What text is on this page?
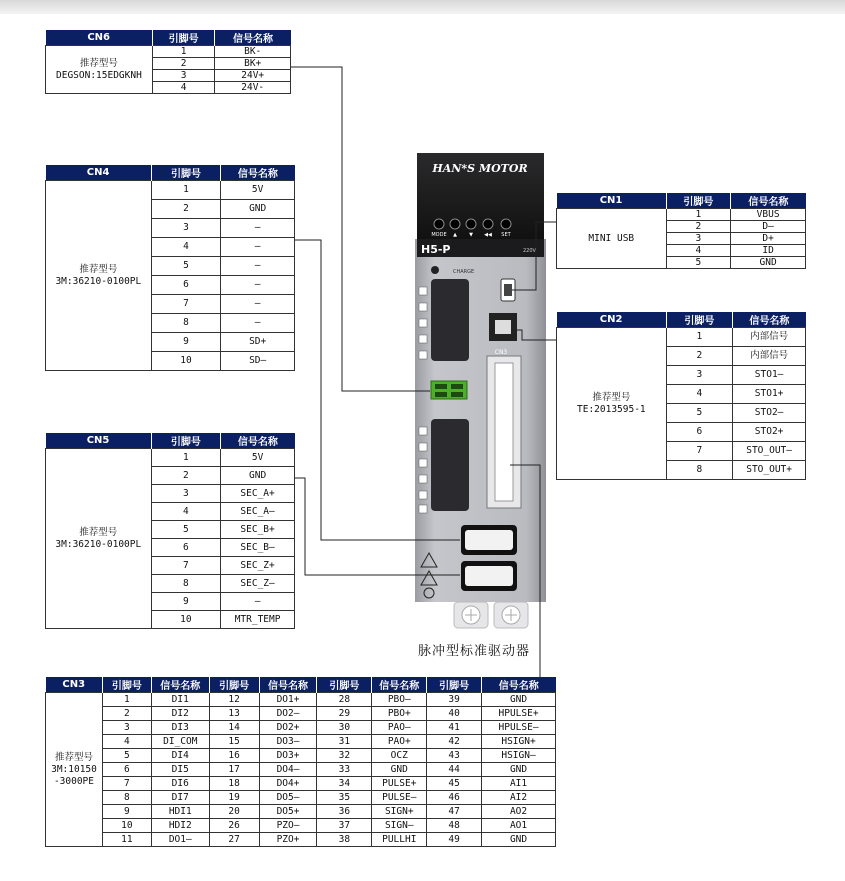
CN6	引脚号	信号名称

推荐型号
DEGSON:15EDGKNH	1	BK-
	2	BK+
	3	24V+
	4	24V-
CN4	引脚号	信号名称

推荐型号
3M:36210-0100PL	1	5V
	2	GND
	3	–
	4	–
	5	–
	6	–
	7	–
	8	–
	9	SD+
	10	SD–
CN5	引脚号	信号名称

推荐型号
3M:36210-0100PL	1	5V
	2	GND
	3	SEC_A+
	4	SEC_A–
	5	SEC_B+
	6	SEC_B–
	7	SEC_Z+
	8	SEC_Z–
	9	–
	10	MTR_TEMP
CN1	引脚号	信号名称

MINI USB	1	VBUS
	2	D–
	3	D+
	4	ID
	5	GND
CN2	引脚号	信号名称

推荐型号
TE:2013595-1	1	内部信号
	2	内部信号
	3	STO1–
	4	STO1+
	5	STO2–
	6	STO2+
	7	STO_OUT–
	8	STO_OUT+
CN3	引脚号	信号名称	引脚号	信号名称	引脚号	信号名称	引脚号	信号名称

推荐型号
3M:10150
-3000PE	1	DI1	12	DO1+	28	PBO–	39	GND
	2	DI2	13	DO2–	29	PBO+	40	HPULSE+
	3	DI3	14	DO2+	30	PAO–	41	HPULSE–
	4	DI_COM	15	DO3–	31	PAO+	42	HSIGN+
	5	DI4	16	DO3+	32	OCZ	43	HSIGN–
	6	DI5	17	DO4–	33	GND	44	GND
	7	DI6	18	DO4+	34	PULSE+	45	AI1
	8	DI7	19	DO5–	35	PULSE–	46	AI2
	9	HDI1	20	DO5+	36	SIGN+	47	AO2
	10	HDI2	26	PZO–	37	SIGN–	48	AO1
	11	DO1–	27	PZO+	38	PULLHI	49	GND
HAN*S MOTOR
MODE ▲ ▼ ◀◀ SET
H5-P	220V
CHARGE
CN3
脉冲型标准驱动器
